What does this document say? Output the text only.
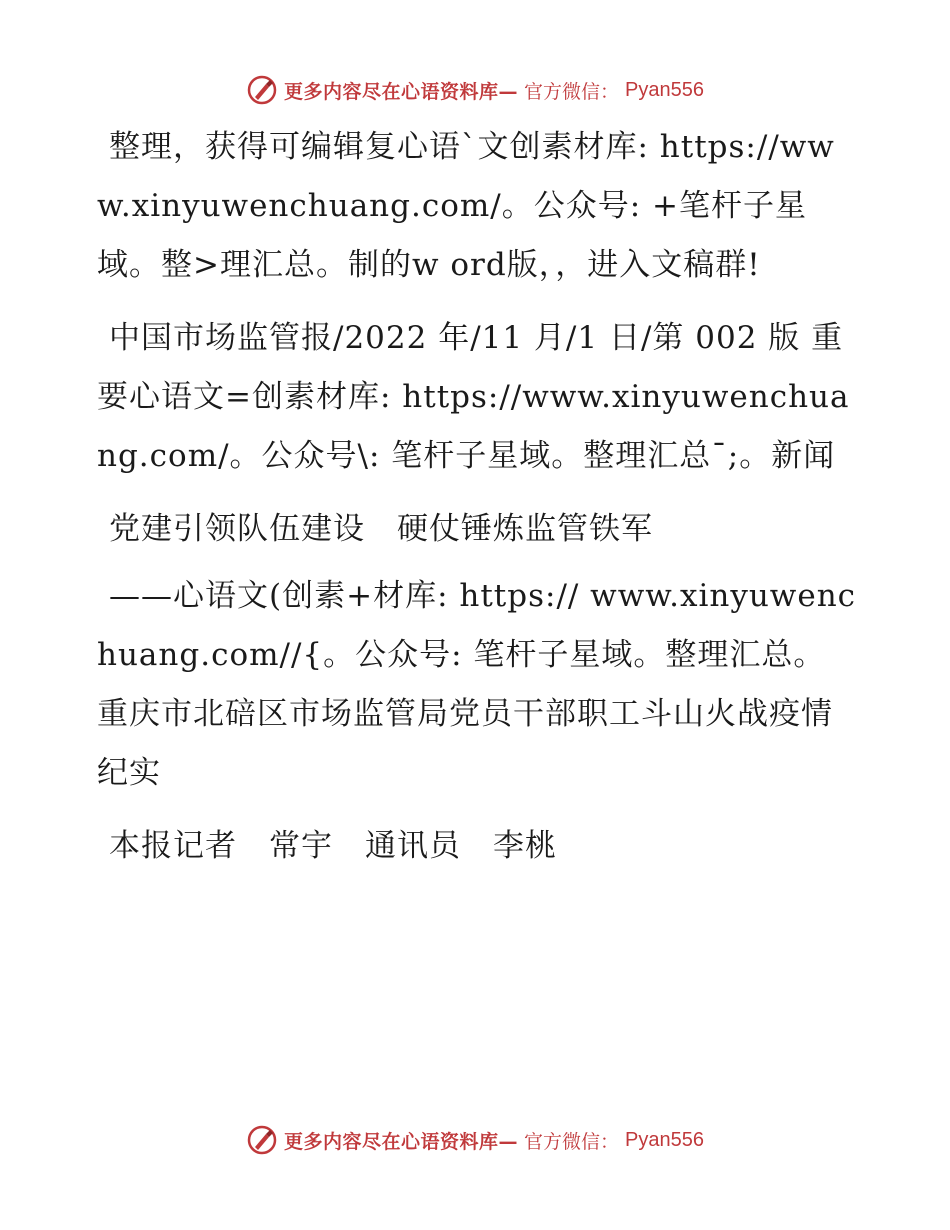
更多内容尽在心语资料库— 官方微信： Pyan556

整理，获得可编辑复心语`文创素材库: https://www.xinyuwenchuang.com/。公众号: +笔杆子星域。整>理汇总。制的w ord版，，进入文稿群!

中国市场监管报/2022 年/11 月/1 日/第 002 版 重要心语文=创素材库: https://www.xinyuwenchuang.com/。公众号\: 笔杆子星域。整理汇总¯;。新闻

党建引领队伍建设　硬仗锤炼监管铁军

——心语文(创素+材库: https:// www.xinyuwenchuang.com//{。公众号: 笔杆子星域。整理汇总。重庆市北碚区市场监管局党员干部职工斗山火战疫情纪实

本报记者　常宇　通讯员　李桃

更多内容尽在心语资料库— 官方微信： Pyan556
